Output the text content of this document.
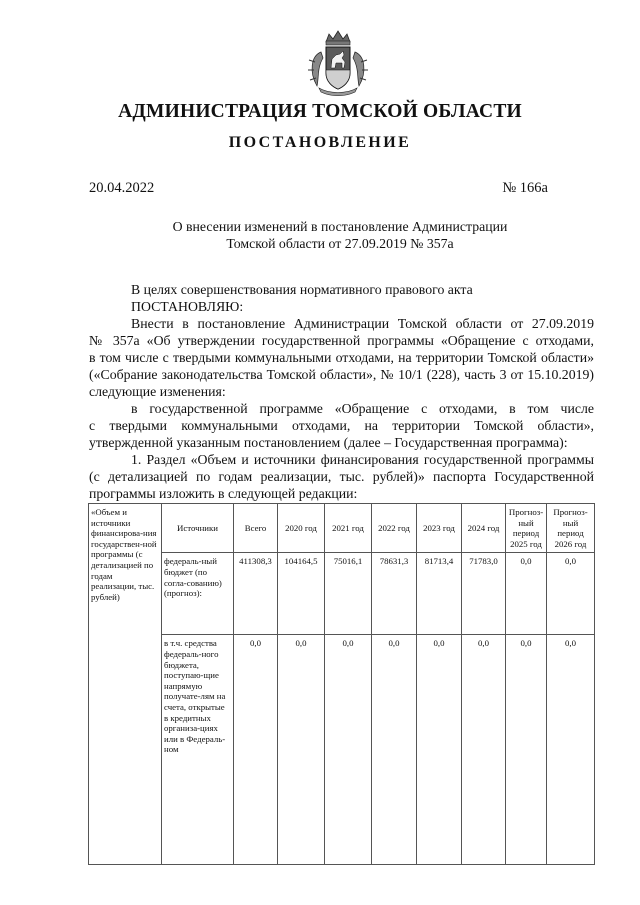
АДМИНИСТРАЦИЯ ТОМСКОЙ ОБЛАСТИ
ПОСТАНОВЛЕНИЕ
20.04.2022	№ 166а
О внесении изменений в постановление Администрации
Томской области от 27.09.2019 № 357а
В целях совершенствования нормативного правового акта
ПОСТАНОВЛЯЮ:
Внести в постановление Администрации Томской области от 27.09.2019
№ 357а «Об утверждении государственной программы «Обращение с отходами,
в том числе с твердыми коммунальными отходами, на территории Томской области»
(«Собрание законодательства Томской области», № 10/1 (228), часть 3 от 15.10.2019)
следующие изменения:
в государственной программе «Обращение с отходами, в том числе
с твердыми коммунальными отходами, на территории Томской области»,
утвержденной указанным постановлением (далее – Государственная программа):
1. Раздел «Объем и источники финансирования государственной программы
(с детализацией по годам реализации, тыс. рублей)» паспорта Государственной
программы изложить в следующей редакции:
«Объем и источники финансирова-ния государствен-ной программы (с детализацией по годам реализации, тыс. рублей)	Источники	Всего	2020 год	2021 год	2022 год	2023 год	2024 год	Прогноз-ный период 2025 год	Прогноз-ный период 2026 год
	федераль-ный бюджет (по согла-сованию) (прогноз):	411308,3	104164,5	75016,1	78631,3	81713,4	71783,0	0,0	0,0
	в т.ч. средства федераль-ного бюджета, поступаю-щие напрямую получате-лям на счета, открытые в кредитных организа-циях или в Федераль-ном	0,0	0,0	0,0	0,0	0,0	0,0	0,0	0,0
